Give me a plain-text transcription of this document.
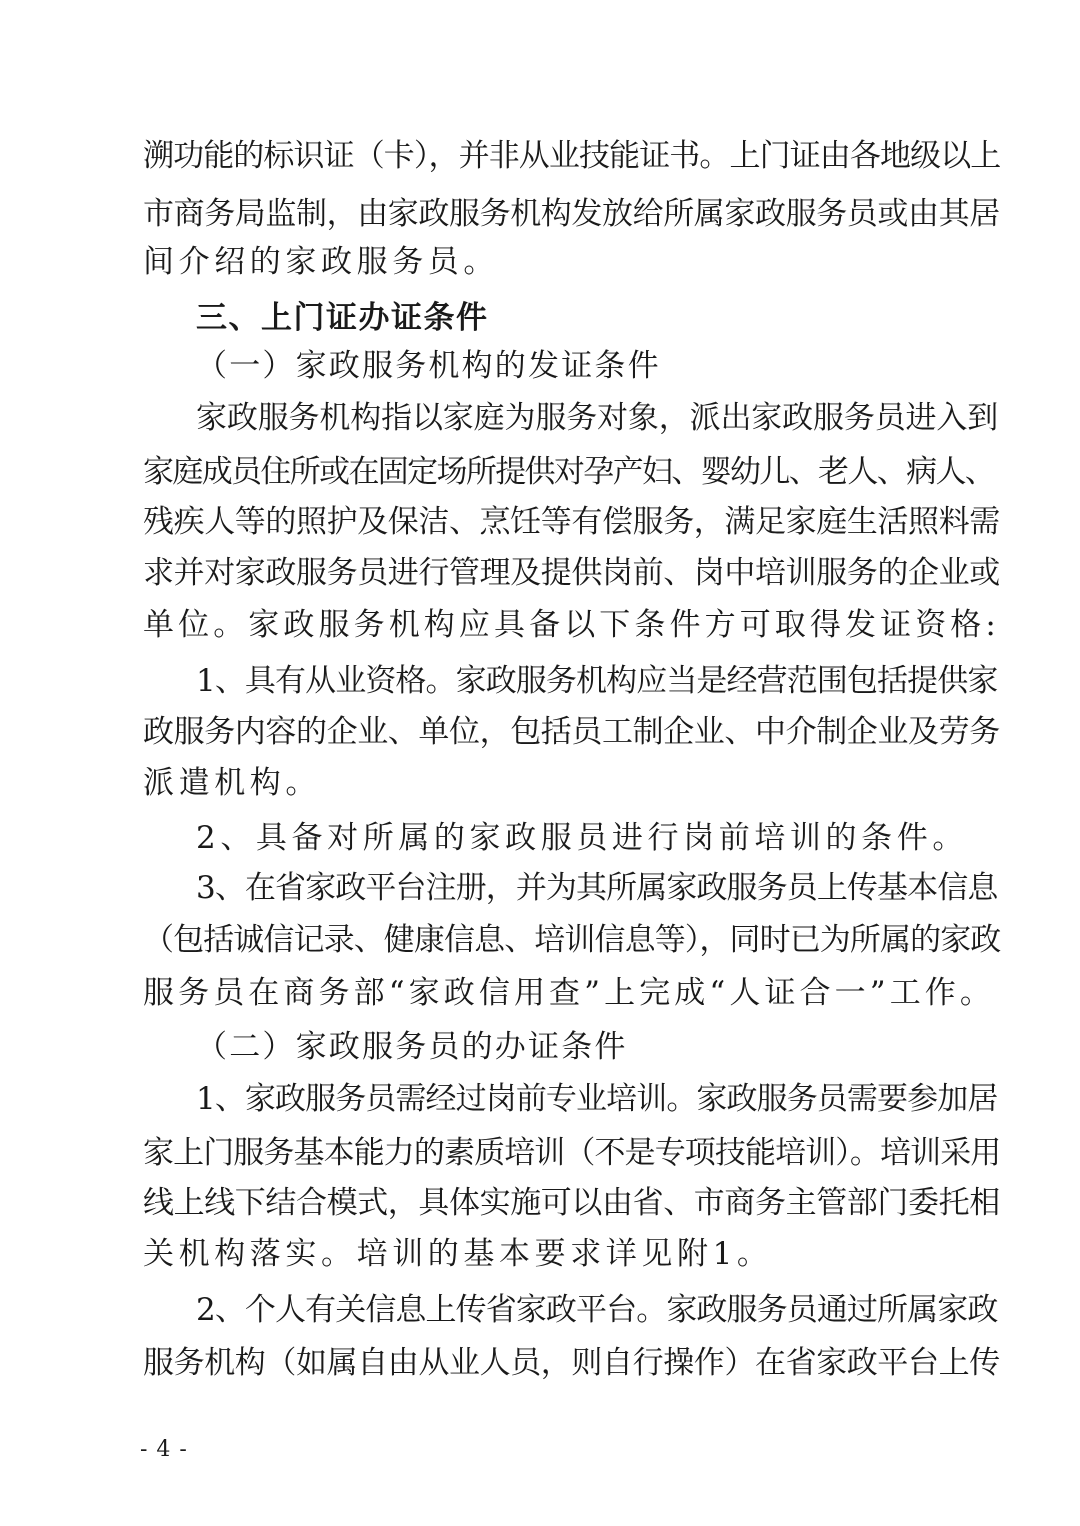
溯功能的标识证（卡），并非从业技能证书。上门证由各地级以上
市商务局监制，由家政服务机构发放给所属家政服务员或由其居
间介绍的家政服务员。
三、上门证办证条件
（一）家政服务机构的发证条件
家政服务机构指以家庭为服务对象，派出家政服务员进入到
家庭成员住所或在固定场所提供对孕产妇、婴幼儿、老人、病人、
残疾人等的照护及保洁、烹饪等有偿服务，满足家庭生活照料需
求并对家政服务员进行管理及提供岗前、岗中培训服务的企业或
单位。家政服务机构应具备以下条件方可取得发证资格:
1、具有从业资格。家政服务机构应当是经营范围包括提供家
政服务内容的企业、单位，包括员工制企业、中介制企业及劳务
派遣机构。
2、具备对所属的家政服员进行岗前培训的条件。
3、在省家政平台注册，并为其所属家政服务员上传基本信息
（包括诚信记录、健康信息、培训信息等），同时已为所属的家政
服务员在商务部“家政信用查”上完成“人证合一”工作。
（二）家政服务员的办证条件
1、家政服务员需经过岗前专业培训。家政服务员需要参加居
家上门服务基本能力的素质培训（不是专项技能培训）。培训采用
线上线下结合模式，具体实施可以由省、市商务主管部门委托相
关机构落实。培训的基本要求详见附1。
2、个人有关信息上传省家政平台。家政服务员通过所属家政
服务机构（如属自由从业人员，则自行操作）在省家政平台上传
- 4 -
